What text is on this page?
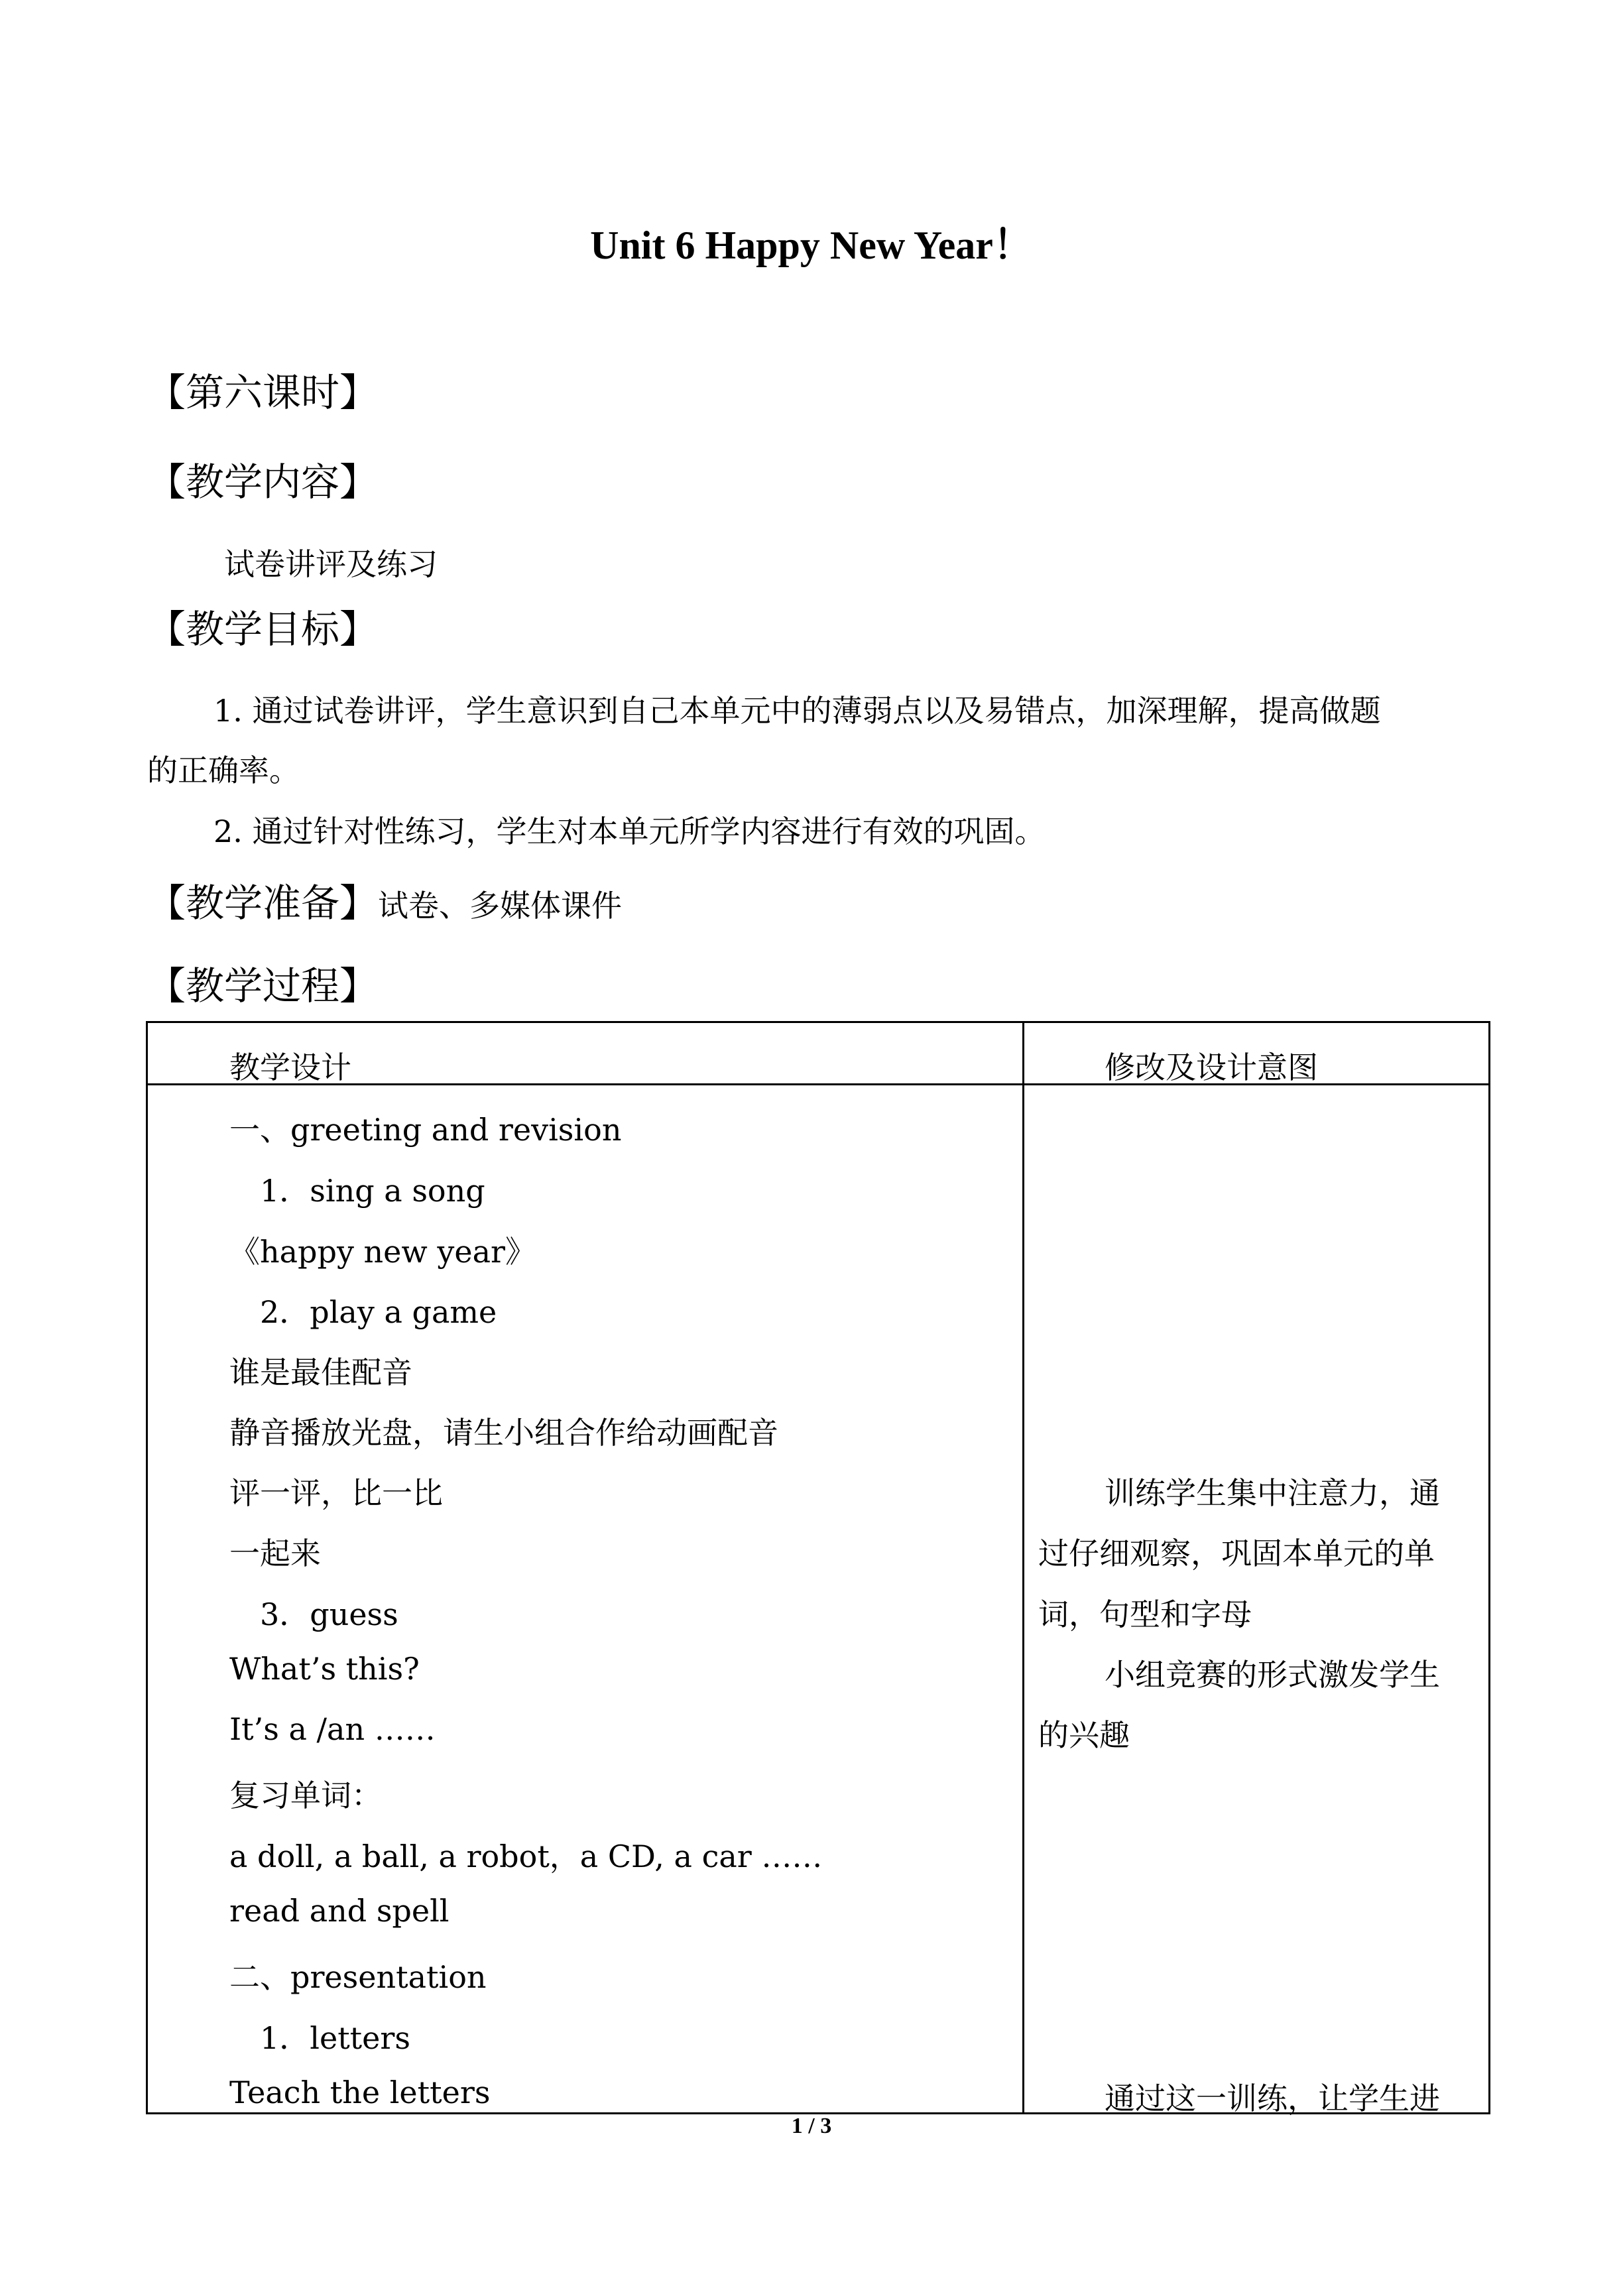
Unit 6 Happy New Year！
【第六课时】
【教学内容】
试卷讲评及练习
【教学目标】
1. 通过试卷讲评，学生意识到自己本单元中的薄弱点以及易错点，加深理解，提高做题
的正确率。
2. 通过针对性练习，学生对本单元所学内容进行有效的巩固。
【教学准备】试卷、多媒体课件
【教学过程】
教学设计	修改及设计意图
一、greeting and revision
1．sing a song
《happy new year》
2．play a game
谁是最佳配音
静音播放光盘，请生小组合作给动画配音
评一评，比一比
一起来
3．guess
What’s this?
It’s a /an ……
复习单词：
a doll, a ball, a robot，a CD, a car ……
read and spell
二、presentation
1．letters
Teach the letters
训练学生集中注意力，通
过仔细观察，巩固本单元的单
词，句型和字母
小组竞赛的形式激发学生
的兴趣
通过这一训练，让学生进
1 / 3
